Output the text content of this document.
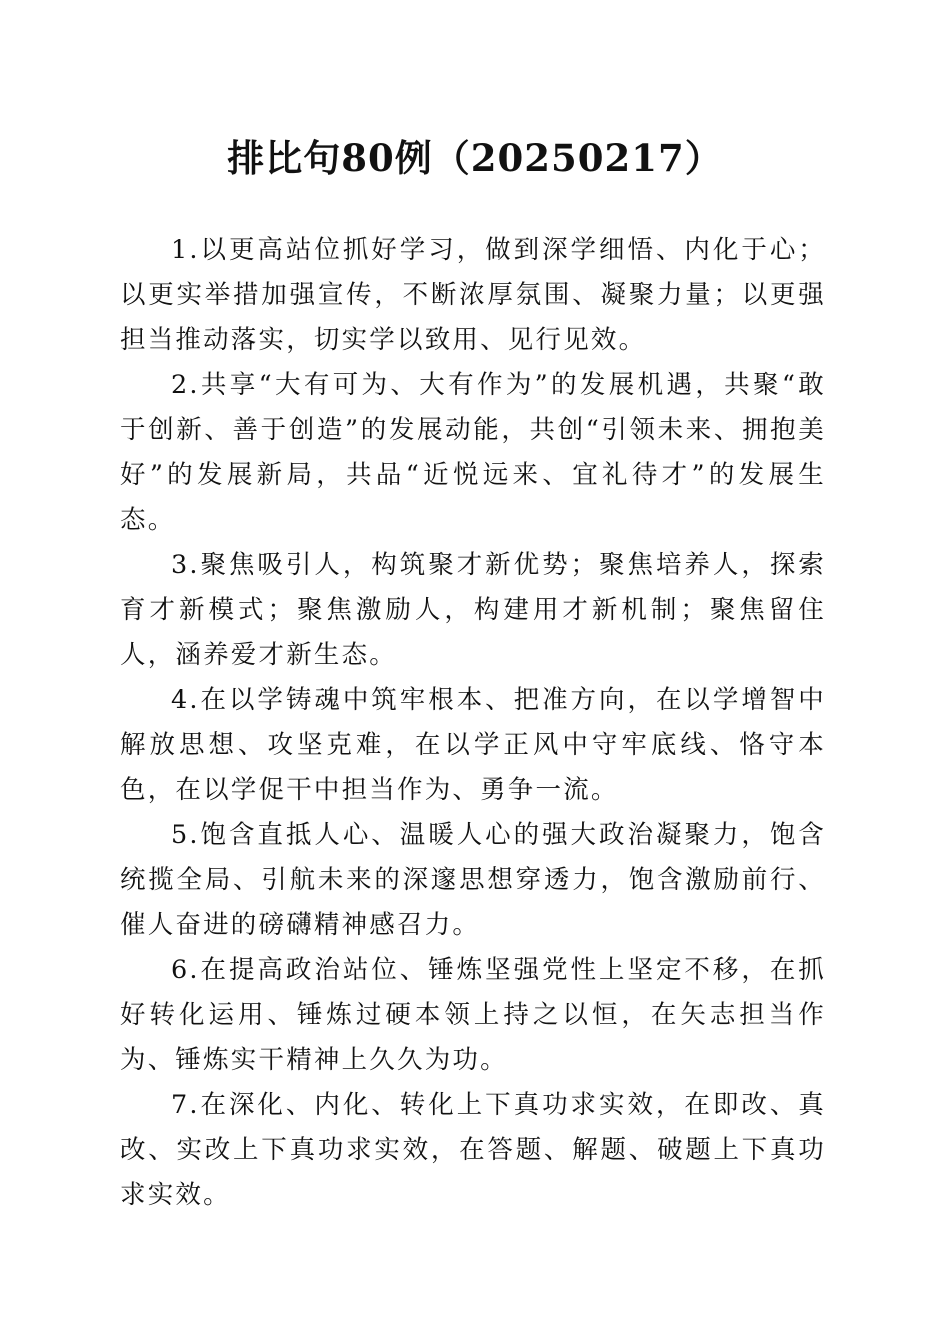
排比句80例（20250217）

1.以更高站位抓好学习，做到深学细悟、内化于心；以更实举措加强宣传，不断浓厚氛围、凝聚力量；以更强担当推动落实，切实学以致用、见行见效。

2.共享“大有可为、大有作为”的发展机遇，共聚“敢于创新、善于创造”的发展动能，共创“引领未来、拥抱美好”的发展新局，共品“近悦远来、宜礼待才”的发展生态。

3.聚焦吸引人，构筑聚才新优势；聚焦培养人，探索育才新模式；聚焦激励人，构建用才新机制；聚焦留住人，涵养爱才新生态。

4.在以学铸魂中筑牢根本、把准方向，在以学增智中解放思想、攻坚克难，在以学正风中守牢底线、恪守本色，在以学促干中担当作为、勇争一流。

5.饱含直抵人心、温暖人心的强大政治凝聚力，饱含统揽全局、引航未来的深邃思想穿透力，饱含激励前行、催人奋进的磅礴精神感召力。

6.在提高政治站位、锤炼坚强党性上坚定不移，在抓好转化运用、锤炼过硬本领上持之以恒，在矢志担当作为、锤炼实干精神上久久为功。

7.在深化、内化、转化上下真功求实效，在即改、真改、实改上下真功求实效，在答题、解题、破题上下真功求实效。
